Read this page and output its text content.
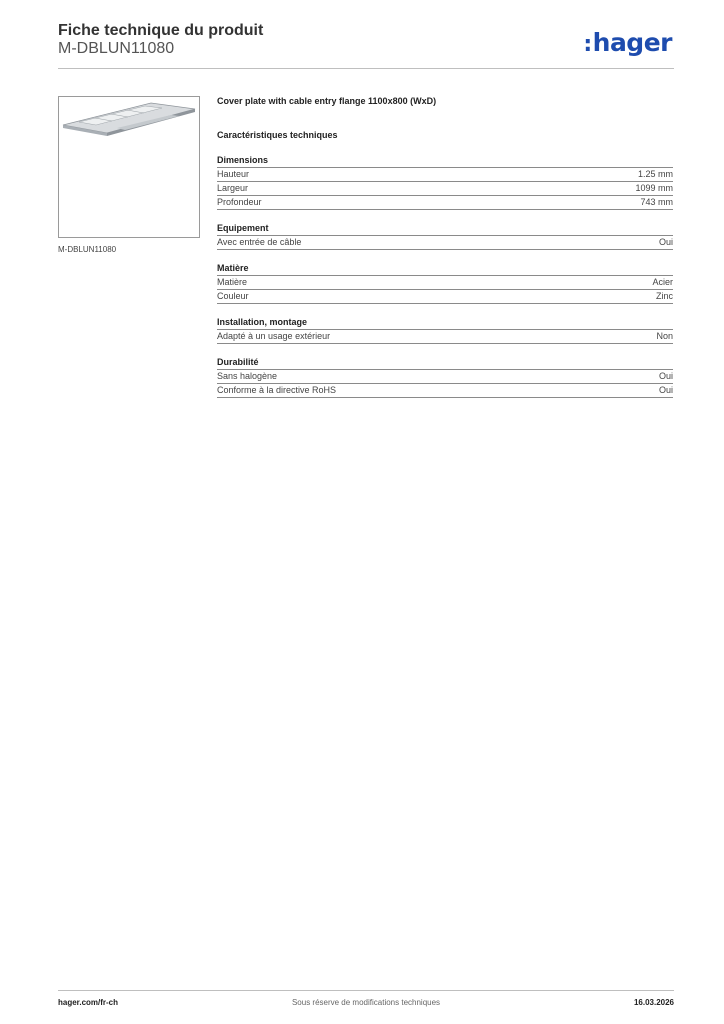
Fiche technique du produit
M-DBLUN11080	:hager
M-DBLUN11080
Cover plate with cable entry flange 1100x800 (WxD)
Caractéristiques techniques
Dimensions
Hauteur	1.25 mm
Largeur	1099 mm
Profondeur	743 mm
Equipement
Avec entrée de câble	Oui
Matière
Matière	Acier
Couleur	Zinc
Installation, montage
Adapté à un usage extérieur	Non
Durabilité
Sans halogène	Oui
Conforme à la directive RoHS	Oui
hager.com/fr-ch	Sous réserve de modifications techniques	16.03.2026
